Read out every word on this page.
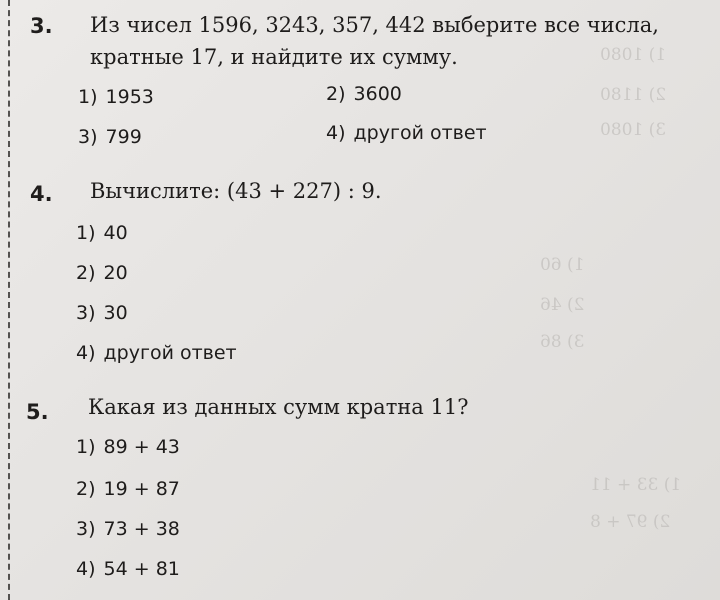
1) 1080
2) 1180
3) 1080
1) 60
2) 46
3) 86
1) 33 + 11
2) 97 + 8
3. Из чисел 1596, 3243, 357, 442 выберите все числа,
кратные 17, и найдите их сумму.
1) 1953	2) 3600
3) 799	4) другой ответ
4. Вычислите: (43 + 227) : 9.
1) 40
2) 20
3) 30
4) другой ответ
5. Какая из данных сумм кратна 11?
1) 89 + 43
2) 19 + 87
3) 73 + 38
4) 54 + 81
